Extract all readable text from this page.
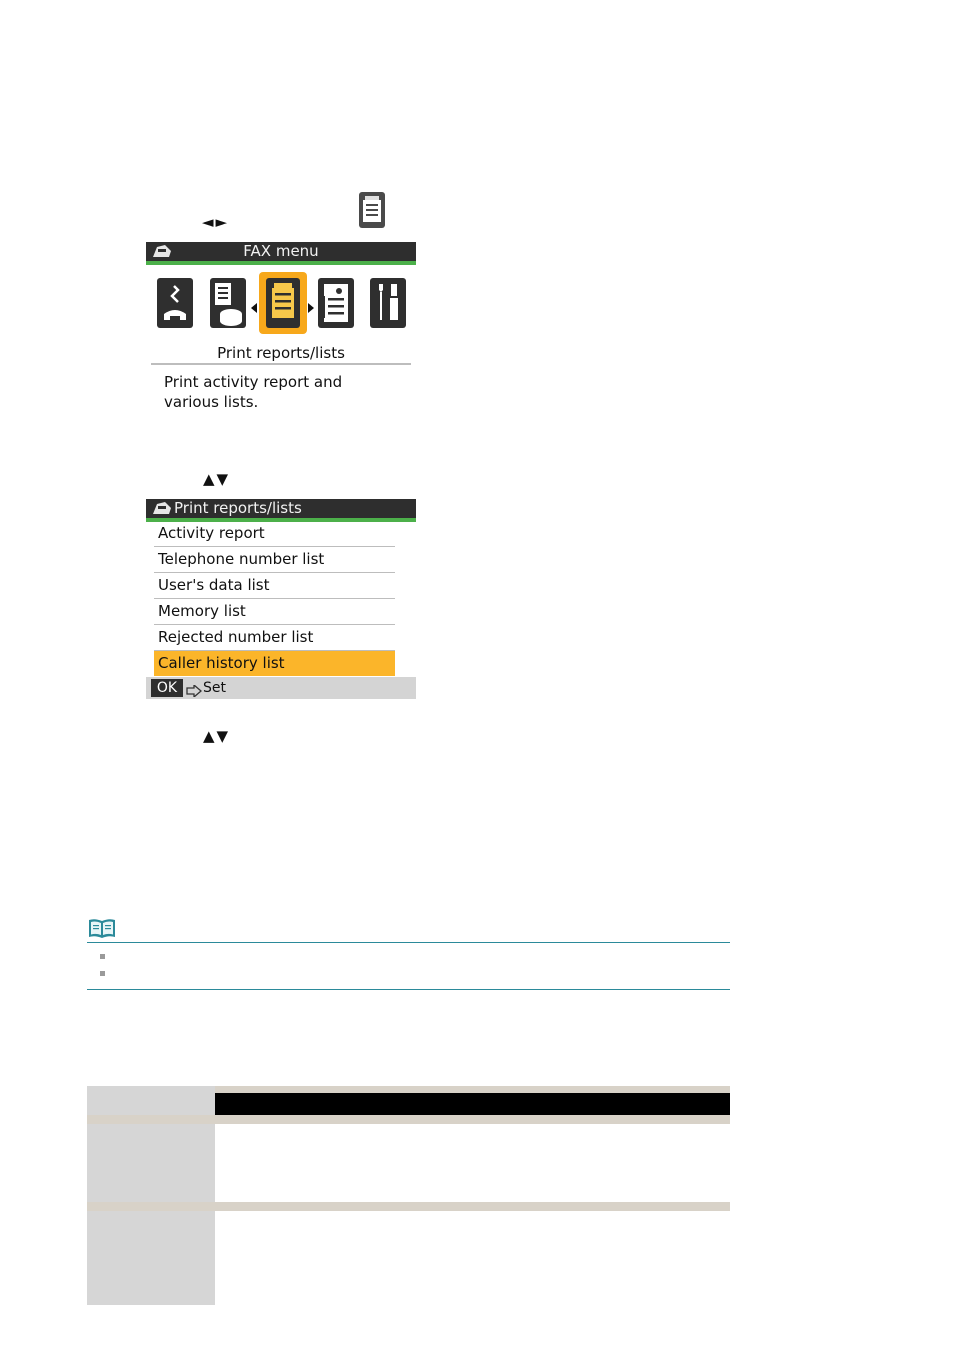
◄►
FAX menu
Print reports/lists
Print activity report and
various lists.
▲▼
Print reports/lists
Activity report
Telephone number list
User's data list
Memory list
Rejected number list
Caller history list
OK	Set
▲▼
